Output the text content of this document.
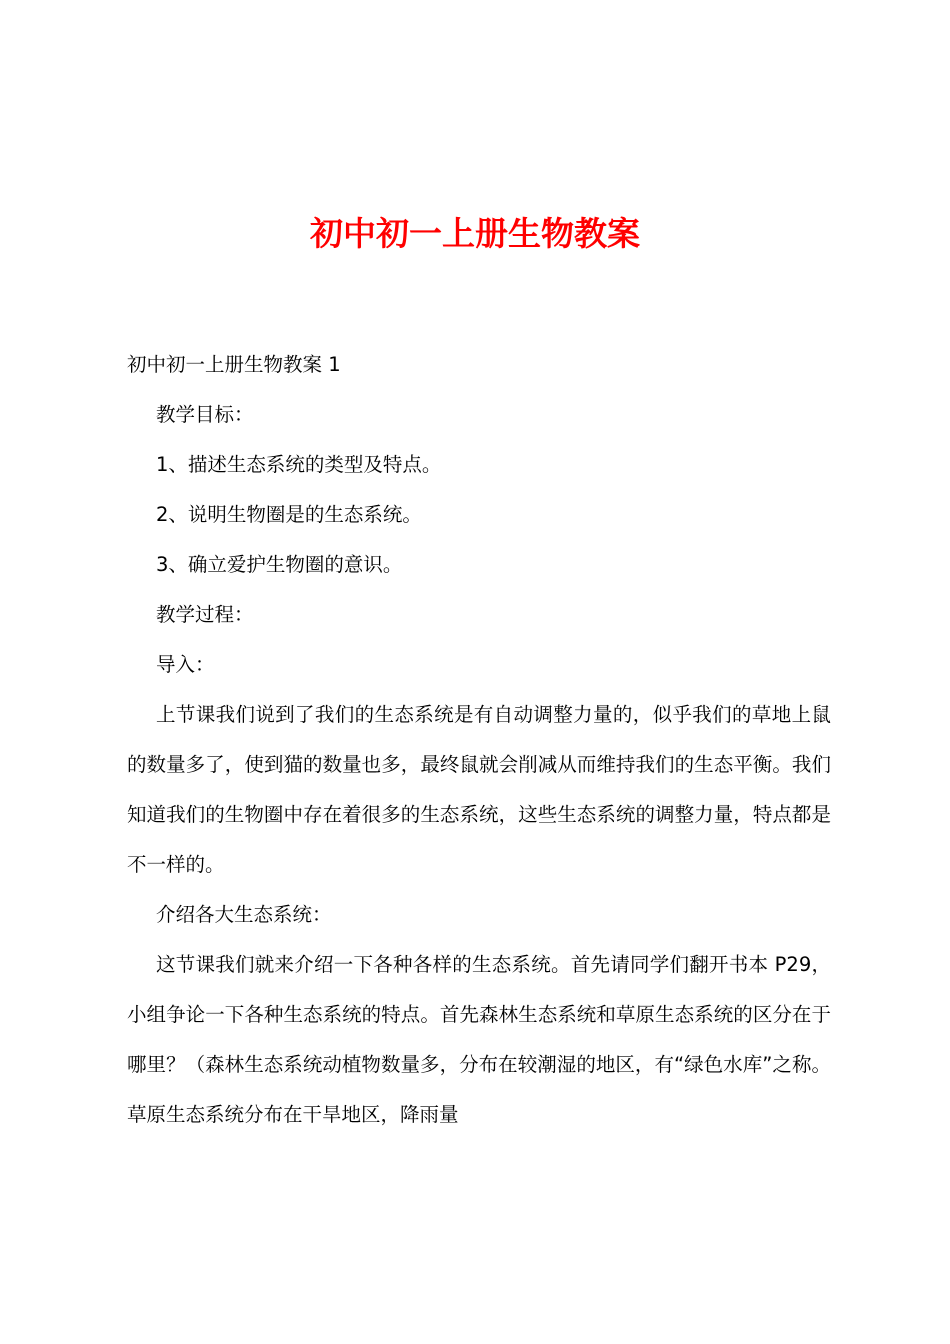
初中初一上册生物教案

初中初一上册生物教案 1

教学目标：

1、描述生态系统的类型及特点。

2、说明生物圈是的生态系统。

3、确立爱护生物圈的意识。

教学过程：

导入：

上节课我们说到了我们的生态系统是有自动调整力量的，似乎我们的草地上鼠的数量多了，使到猫的数量也多，最终鼠就会削减从而维持我们的生态平衡。我们知道我们的生物圈中存在着很多的生态系统，这些生态系统的调整力量，特点都是不一样的。

介绍各大生态系统：

这节课我们就来介绍一下各种各样的生态系统。首先请同学们翻开书本 P29，小组争论一下各种生态系统的特点。首先森林生态系统和草原生态系统的区分在于哪里？（森林生态系统动植物数量多，分布在较潮湿的地区，有“绿色水库”之称。草原生态系统分布在干旱地区，降雨量
